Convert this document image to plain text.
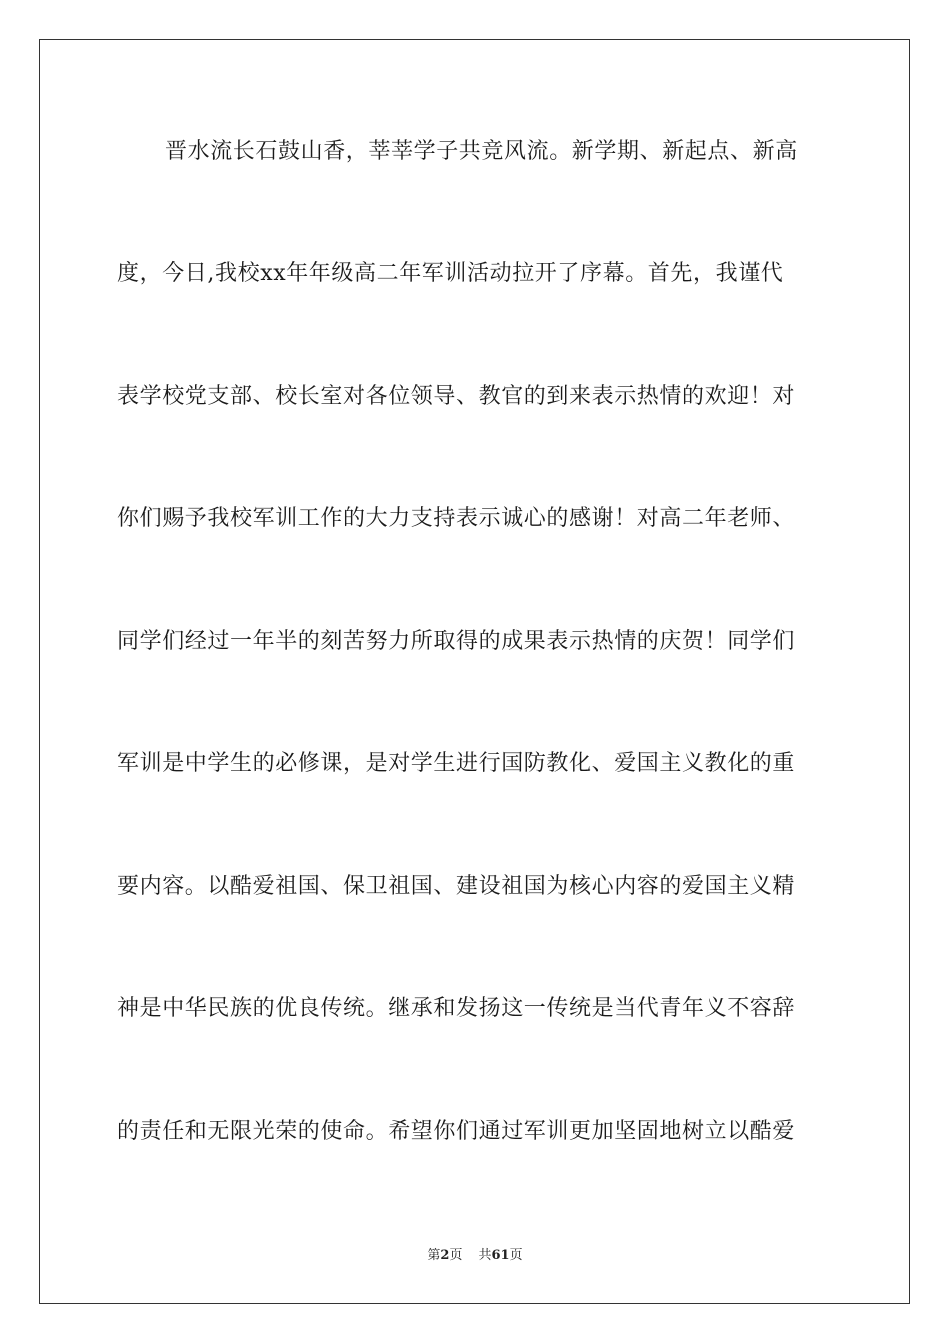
晋水流长石鼓山香，莘莘学子共竞风流。新学期、新起点、新高
度，今日,我校xx年年级高二年军训活动拉开了序幕。首先，我谨代
表学校党支部、校长室对各位领导、教官的到来表示热情的欢迎！对
你们赐予我校军训工作的大力支持表示诚心的感谢！对高二年老师、
同学们经过一年半的刻苦努力所取得的成果表示热情的庆贺！同学们
军训是中学生的必修课，是对学生进行国防教化、爱国主义教化的重
要内容。以酷爱祖国、保卫祖国、建设祖国为核心内容的爱国主义精
神是中华民族的优良传统。继承和发扬这一传统是当代青年义不容辞
的责任和无限光荣的使命。希望你们通过军训更加坚固地树立以酷爱
第2页 共61页
